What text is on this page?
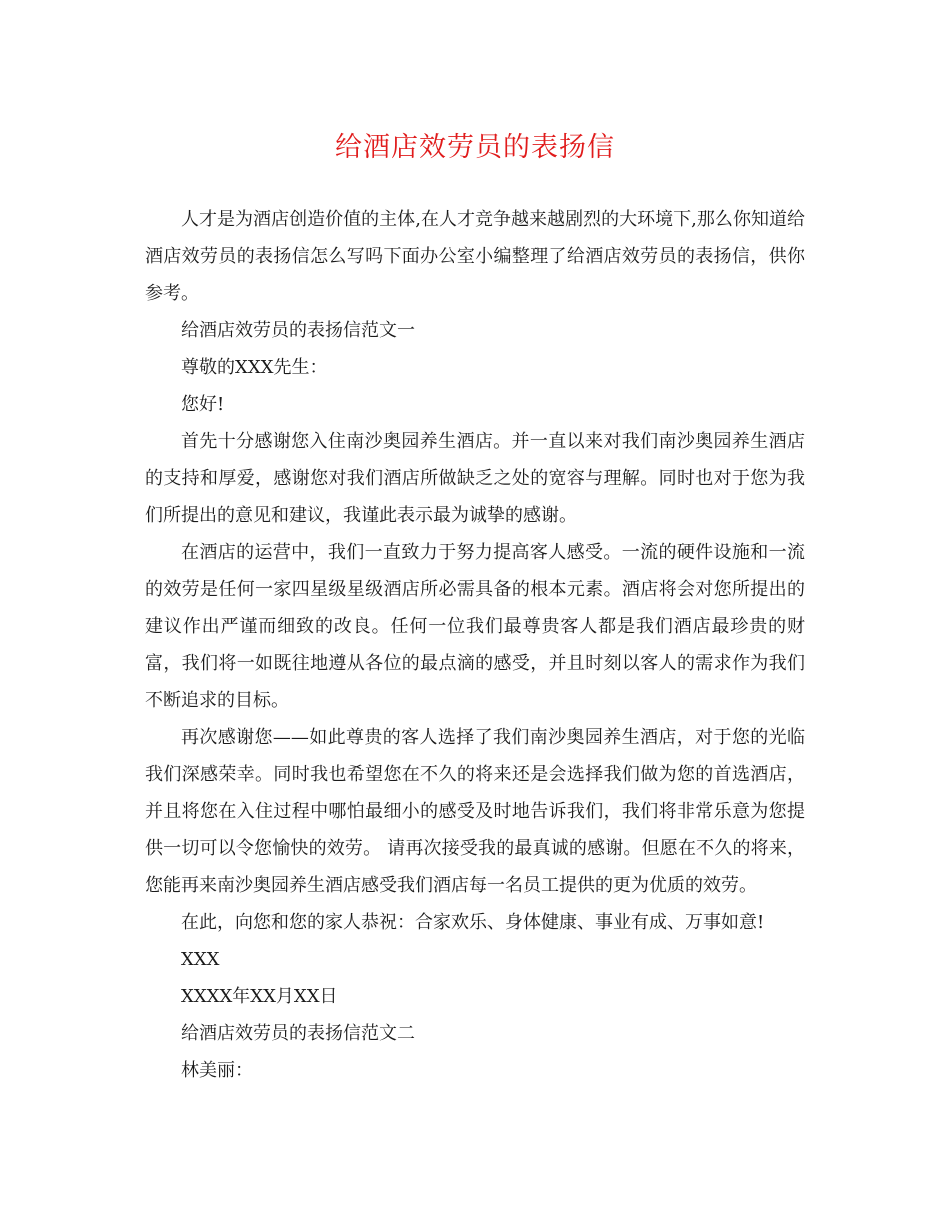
给酒店效劳员的表扬信

人才是为酒店创造价值的主体,在人才竞争越来越剧烈的大环境下,那么你知道给酒店效劳员的表扬信怎么写吗下面办公室小编整理了给酒店效劳员的表扬信，供你参考。

给酒店效劳员的表扬信范文一

尊敬的XXX先生：

您好!

首先十分感谢您入住南沙奥园养生酒店。并一直以来对我们南沙奥园养生酒店的支持和厚爱，感谢您对我们酒店所做缺乏之处的宽容与理解。同时也对于您为我们所提出的意见和建议，我谨此表示最为诚挚的感谢。

在酒店的运营中，我们一直致力于努力提高客人感受。一流的硬件设施和一流的效劳是任何一家四星级星级酒店所必需具备的根本元素。酒店将会对您所提出的建议作出严谨而细致的改良。任何一位我们最尊贵客人都是我们酒店最珍贵的财富，我们将一如既往地遵从各位的最点滴的感受，并且时刻以客人的需求作为我们不断追求的目标。

再次感谢您——如此尊贵的客人选择了我们南沙奥园养生酒店，对于您的光临我们深感荣幸。同时我也希望您在不久的将来还是会选择我们做为您的首选酒店，并且将您在入住过程中哪怕最细小的感受及时地告诉我们，我们将非常乐意为您提供一切可以令您愉快的效劳。 请再次接受我的最真诚的感谢。但愿在不久的将来，您能再来南沙奥园养生酒店感受我们酒店每一名员工提供的更为优质的效劳。

在此，向您和您的家人恭祝：合家欢乐、身体健康、事业有成、万事如意!

XXX

XXXX年XX月XX日

给酒店效劳员的表扬信范文二

林美丽：
